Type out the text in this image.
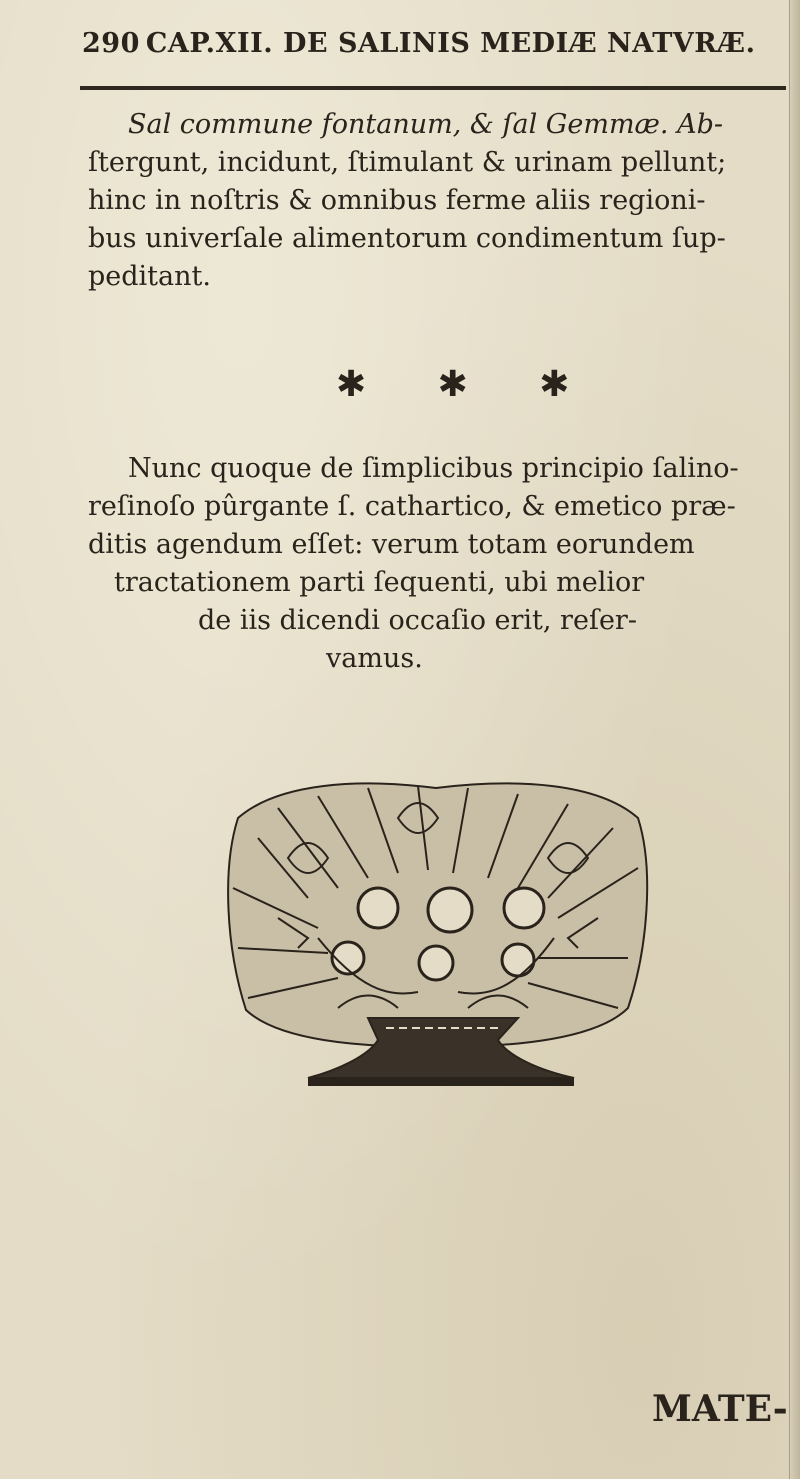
290 CAP.XII. DE SALINIS MEDIÆ NATVRÆ.
Sal commune fontanum, & ſal Gemmæ. Ab-
ſtergunt, incidunt, ſtimulant & urinam pellunt;
hinc in noſtris & omnibus ferme aliis regioni-
bus univerſale alimentorum condimentum ſup-
peditant.
✱ ✱ ✱
Nunc quoque de ſimplicibus principio ſalino-
reſinoſo pûrgante ſ. cathartico, & emetico præ-
ditis agendum eſſet: verum totam eorundem
tractationem parti ſequenti, ubi melior
de iis dicendi occaſio erit, reſer-
vamus.
MATE-
